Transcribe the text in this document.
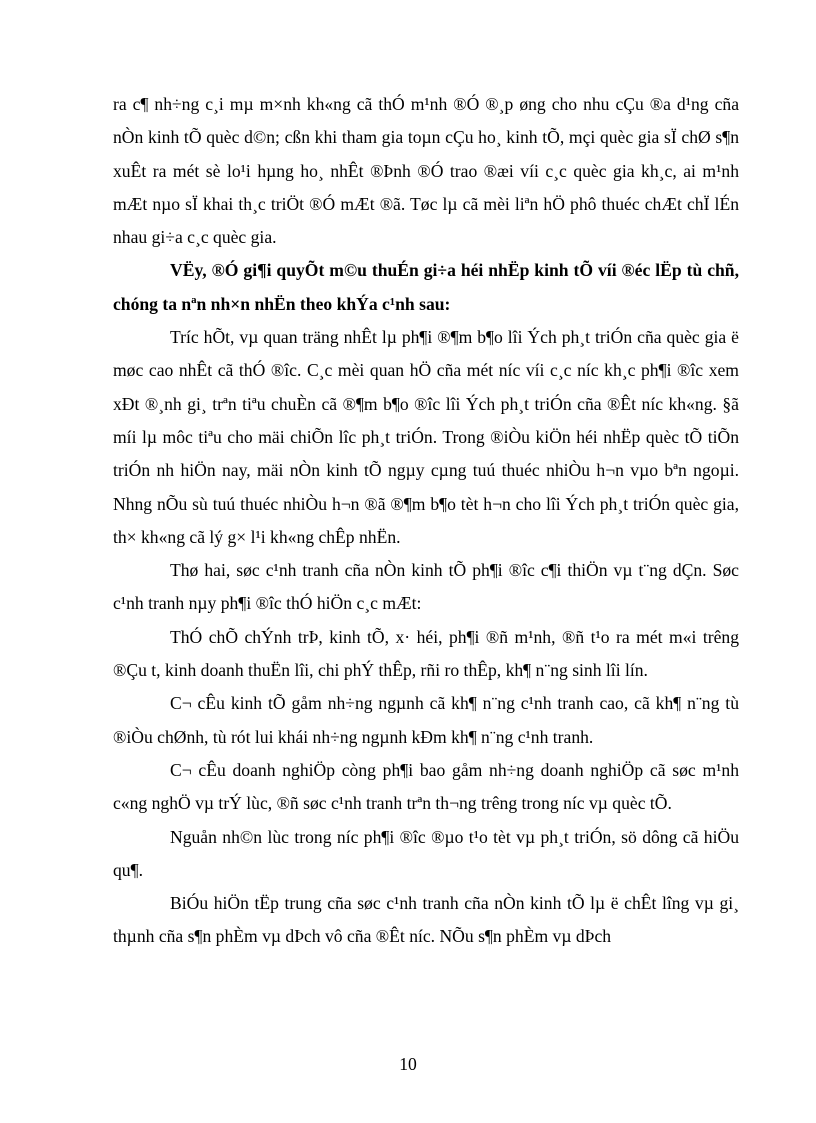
ra c¶ nh÷ng c¸i mµ m×nh kh«ng cã thÓ m¹nh ®Ó ®¸p øng cho nhu cÇu ®a d¹ng cña nÒn kinh tÕ quèc d©n; cßn khi tham gia toµn cÇu ho¸ kinh tÕ, mçi quèc gia sÏ chØ s¶n xuÊt ra mét sè lo¹i hµng ho¸ nhÊt ®Þnh ®Ó trao ®æi víi c¸c quèc gia kh¸c, ai m¹nh mÆt nµo sÏ khai th¸c triÖt ®Ó mÆt ®ã. Tøc lµ cã mèi liªn hÖ phô thuéc chÆt chÏ lÉn nhau gi÷a c¸c quèc gia.

VËy, ®Ó gi¶i quyÕt m©u thuÉn gi÷a héi nhËp kinh tÕ víi ®éc lËp tù chñ, chóng ta nªn nh×n nhËn theo khÝa c¹nh sau:

Tríc hÕt, vµ quan träng nhÊt lµ ph¶i ®¶m b¶o lîi Ých ph¸t triÓn cña quèc gia ë møc cao nhÊt cã thÓ ®îc. C¸c mèi quan hÖ cña mét níc víi c¸c níc kh¸c ph¶i ®îc xem xÐt ®¸nh gi¸ trªn tiªu chuÈn cã ®¶m b¶o ®îc lîi Ých ph¸t triÓn cña ®Êt níc kh«ng. §ã míi lµ môc tiªu cho mäi chiÕn lîc ph¸t triÓn. Trong ®iÒu kiÖn héi nhËp quèc tÕ tiÕn triÓn nh hiÖn nay, mäi nÒn kinh tÕ ngµy cµng tuú thuéc nhiÒu h¬n vµo bªn ngoµi. Nhng nÕu sù tuú thuéc nhiÒu h¬n ®ã ®¶m b¶o tèt h¬n cho lîi Ých ph¸t triÓn quèc gia, th× kh«ng cã lý g× l¹i kh«ng chÊp nhËn.

Thø hai, søc c¹nh tranh cña nÒn kinh tÕ ph¶i ®îc c¶i thiÖn vµ t¨ng dÇn. Søc c¹nh tranh nµy ph¶i ®îc thÓ hiÖn c¸c mÆt:

ThÓ chÕ chÝnh trÞ, kinh tÕ, x· héi, ph¶i ®ñ m¹nh, ®ñ t¹o ra mét m«i trêng ®Çu t, kinh doanh thuËn lîi, chi phÝ thÊp, rñi ro thÊp, kh¶ n¨ng sinh lîi lín.

C¬ cÊu kinh tÕ gåm nh÷ng ngµnh cã kh¶ n¨ng c¹nh tranh cao, cã kh¶ n¨ng tù ®iÒu chØnh, tù rót lui khái nh÷ng ngµnh kÐm kh¶ n¨ng c¹nh tranh.

C¬ cÊu doanh nghiÖp còng ph¶i bao gåm nh÷ng doanh nghiÖp cã søc m¹nh c«ng nghÖ vµ trÝ lùc, ®ñ søc c¹nh tranh trªn th¬ng trêng trong níc vµ quèc tÕ.

Nguån nh©n lùc trong níc ph¶i ®îc ®µo t¹o tèt vµ ph¸t triÓn, sö dông cã hiÖu qu¶.

BiÓu hiÖn tËp trung cña søc c¹nh tranh cña nÒn kinh tÕ lµ ë chÊt lîng vµ gi¸ thµnh cña s¶n phÈm vµ dÞch vô cña ®Êt níc. NÕu s¶n phÈm vµ dÞch

10
